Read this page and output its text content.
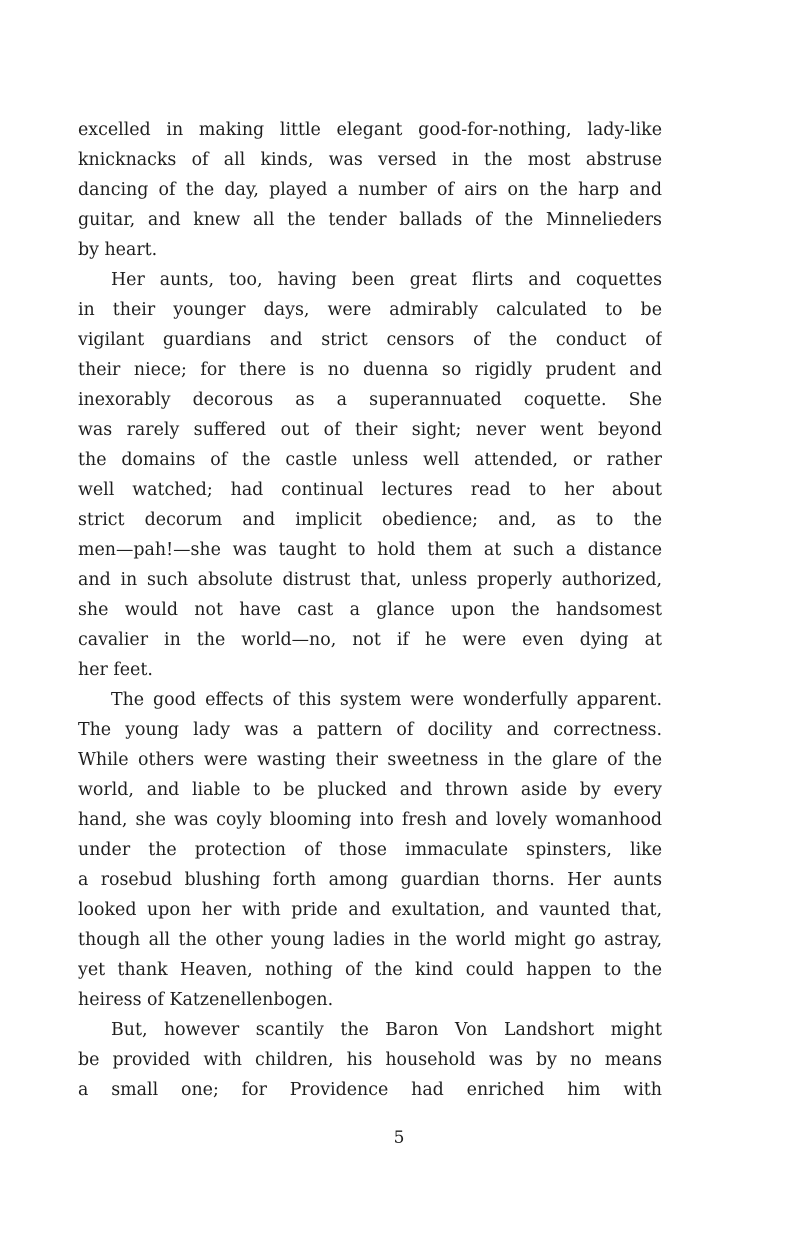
excelled in making little elegant good-for-nothing, lady-like
knicknacks of all kinds, was versed in the most abstruse
dancing of the day, played a number of airs on the harp and
guitar, and knew all the tender ballads of the Minnelieders
by heart.
Her aunts, too, having been great flirts and coquettes
in their younger days, were admirably calculated to be
vigilant guardians and strict censors of the conduct of
their niece; for there is no duenna so rigidly prudent and
inexorably decorous as a superannuated coquette. She
was rarely suffered out of their sight; never went beyond
the domains of the castle unless well attended, or rather
well watched; had continual lectures read to her about
strict decorum and implicit obedience; and, as to the
men—pah!—she was taught to hold them at such a distance
and in such absolute distrust that, unless properly authorized,
she would not have cast a glance upon the handsomest
cavalier in the world—no, not if he were even dying at
her feet.
The good effects of this system were wonderfully apparent.
The young lady was a pattern of docility and correctness.
While others were wasting their sweetness in the glare of the
world, and liable to be plucked and thrown aside by every
hand, she was coyly blooming into fresh and lovely womanhood
under the protection of those immaculate spinsters, like
a rosebud blushing forth among guardian thorns. Her aunts
looked upon her with pride and exultation, and vaunted that,
though all the other young ladies in the world might go astray,
yet thank Heaven, nothing of the kind could happen to the
heiress of Katzenellenbogen.
But, however scantily the Baron Von Landshort might
be provided with children, his household was by no means
a small one; for Providence had enriched him with
5
